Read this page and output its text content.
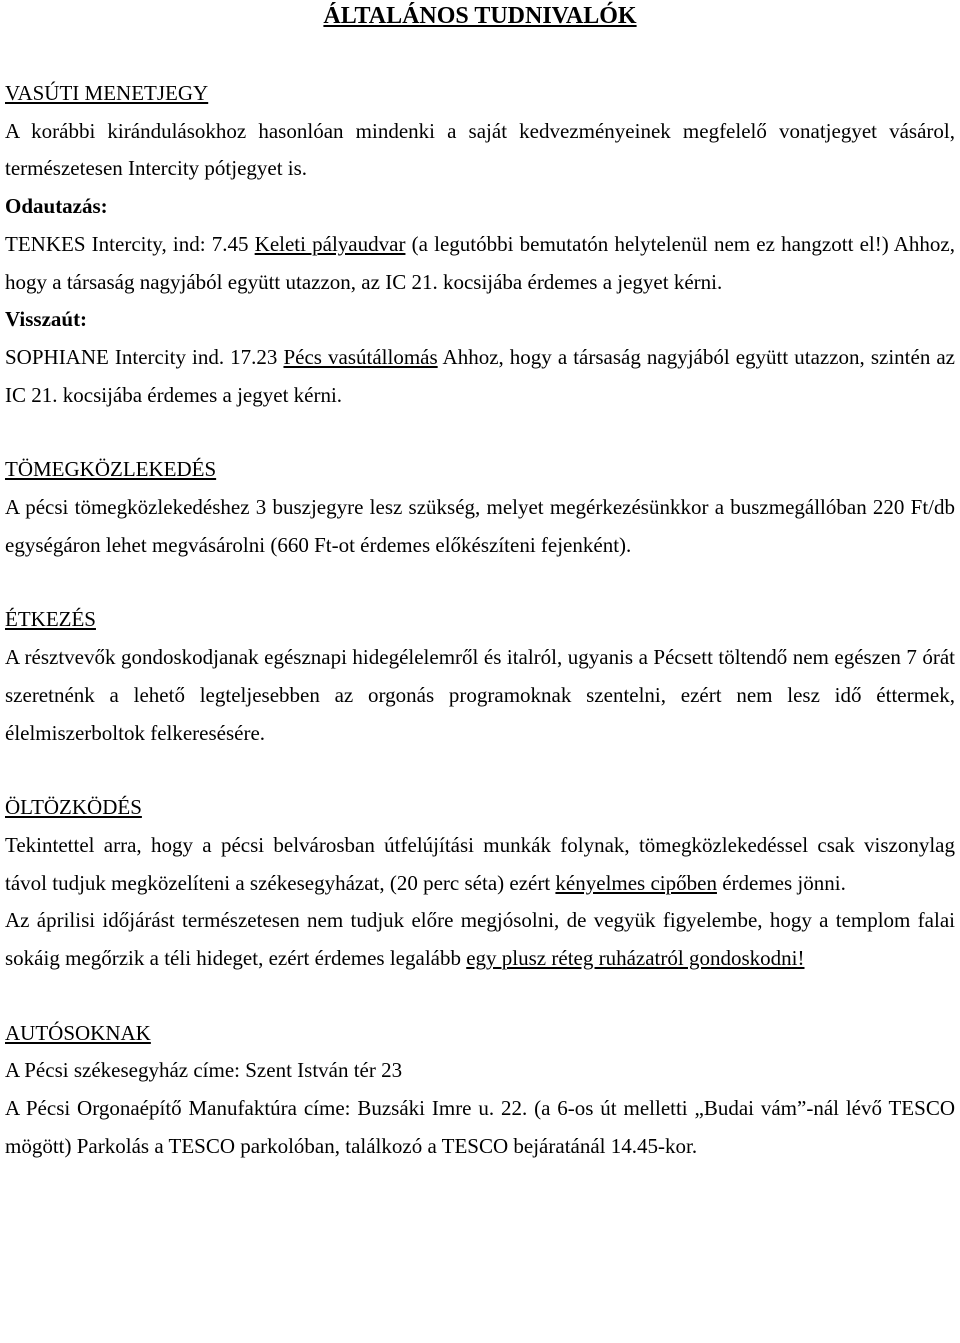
ÁLTALÁNOS TUDNIVALÓK

VASÚTI MENETJEGY

A korábbi kirándulásokhoz hasonlóan mindenki a saját kedvezményeinek megfelelő vonatjegyet vásárol, természetesen Intercity pótjegyet is.

Odautazás:

TENKES Intercity, ind: 7.45 Keleti pályaudvar (a legutóbbi bemutatón helytelenül nem ez hangzott el!) Ahhoz, hogy a társaság nagyjából együtt utazzon, az IC 21. kocsijába érdemes a jegyet kérni.

Visszaút:

SOPHIANE Intercity ind. 17.23 Pécs vasútállomás Ahhoz, hogy a társaság nagyjából együtt utazzon, szintén az IC 21. kocsijába érdemes a jegyet kérni.

TÖMEGKÖZLEKEDÉS

A pécsi tömegközlekedéshez 3 buszjegyre lesz szükség, melyet megérkezésünkkor a buszmegállóban 220 Ft/db egységáron lehet megvásárolni (660 Ft-ot érdemes előkészíteni fejenként).

ÉTKEZÉS

A résztvevők gondoskodjanak egésznapi hidegélelemről és italról, ugyanis a Pécsett töltendő nem egészen 7 órát szeretnénk a lehető legteljesebben az orgonás programoknak szentelni, ezért nem lesz idő éttermek, élelmiszerboltok felkeresésére.

ÖLTÖZKÖDÉS

Tekintettel arra, hogy a pécsi belvárosban útfelújítási munkák folynak, tömegközlekedéssel csak viszonylag távol tudjuk megközelíteni a székesegyházat, (20 perc séta) ezért kényelmes cipőben érdemes jönni.

Az áprilisi időjárást természetesen nem tudjuk előre megjósolni, de vegyük figyelembe, hogy a templom falai sokáig megőrzik a téli hideget, ezért érdemes legalább egy plusz réteg ruházatról gondoskodni!

AUTÓSOKNAK

A Pécsi székesegyház címe: Szent István tér 23

A Pécsi Orgonaépítő Manufaktúra címe: Buzsáki Imre u. 22. (a 6-os út melletti „Budai vám”-nál lévő TESCO mögött) Parkolás a TESCO parkolóban, találkozó a TESCO bejáratánál 14.45-kor.
